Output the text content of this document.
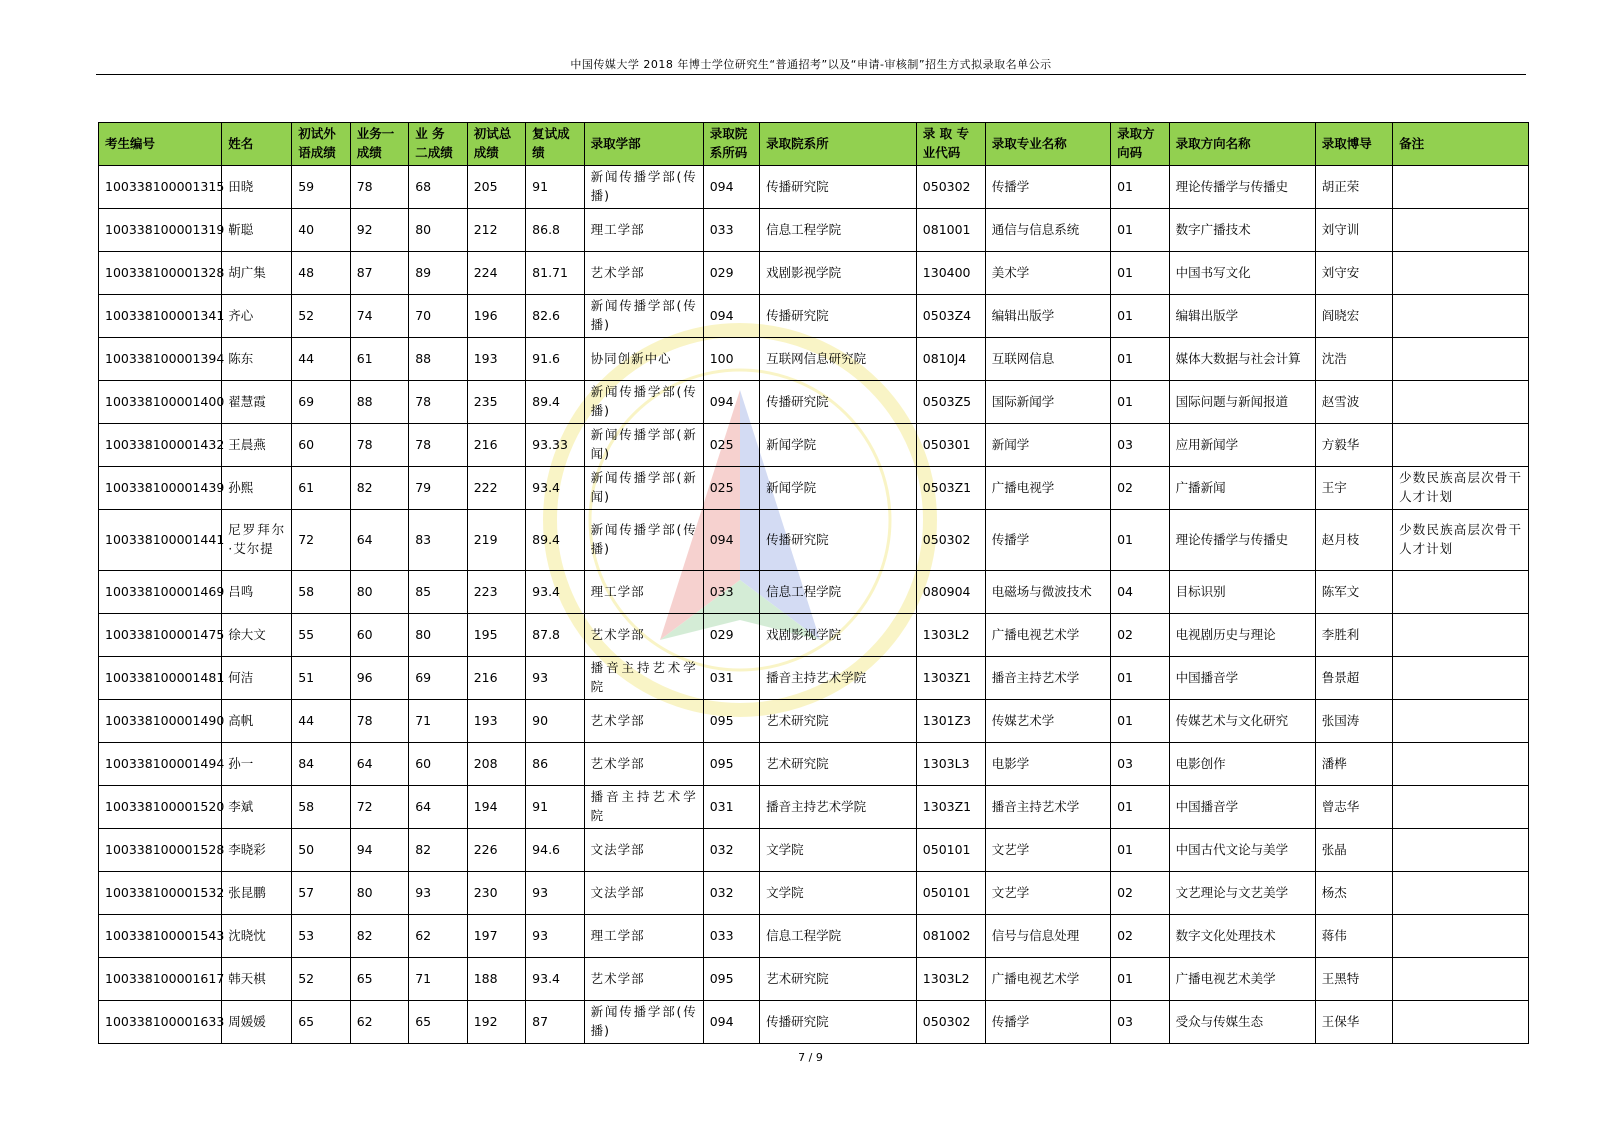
中国传媒大学 2018 年博士学位研究生“普通招考”以及“申请-审核制”招生方式拟录取名单公示
考生编号	姓名	初试外语成绩	业务一成绩	业 务 二成绩	初试总成绩	复试成绩	录取学部	录取院系所码	录取院系所	录 取 专业代码	录取专业名称	录取方向码	录取方向名称	录取博导	备注
100338100001315	田晓	59	78	68	205	91	新闻传播学部(传播)	094	传播研究院	050302	传播学	01	理论传播学与传播史	胡正荣	
100338100001319	靳聪	40	92	80	212	86.8	理工学部	033	信息工程学院	081001	通信与信息系统	01	数字广播技术	刘守训	
100338100001328	胡广集	48	87	89	224	81.71	艺术学部	029	戏剧影视学院	130400	美术学	01	中国书写文化	刘守安	
100338100001341	齐心	52	74	70	196	82.6	新闻传播学部(传播)	094	传播研究院	0503Z4	编辑出版学	01	编辑出版学	阎晓宏	
100338100001394	陈东	44	61	88	193	91.6	协同创新中心	100	互联网信息研究院	0810J4	互联网信息	01	媒体大数据与社会计算	沈浩	
100338100001400	翟慧霞	69	88	78	235	89.4	新闻传播学部(传播)	094	传播研究院	0503Z5	国际新闻学	01	国际问题与新闻报道	赵雪波	
100338100001432	王晨燕	60	78	78	216	93.33	新闻传播学部(新闻)	025	新闻学院	050301	新闻学	03	应用新闻学	方毅华	
100338100001439	孙熙	61	82	79	222	93.4	新闻传播学部(新闻)	025	新闻学院	0503Z1	广播电视学	02	广播新闻	王宇	少数民族高层次骨干人才计划
100338100001441	尼罗拜尔·艾尔提	72	64	83	219	89.4	新闻传播学部(传播)	094	传播研究院	050302	传播学	01	理论传播学与传播史	赵月枝	少数民族高层次骨干人才计划
100338100001469	吕鸣	58	80	85	223	93.4	理工学部	033	信息工程学院	080904	电磁场与微波技术	04	目标识别	陈军文	
100338100001475	徐大文	55	60	80	195	87.8	艺术学部	029	戏剧影视学院	1303L2	广播电视艺术学	02	电视剧历史与理论	李胜利	
100338100001481	何洁	51	96	69	216	93	播音主持艺术学院	031	播音主持艺术学院	1303Z1	播音主持艺术学	01	中国播音学	鲁景超	
100338100001490	高帆	44	78	71	193	90	艺术学部	095	艺术研究院	1301Z3	传媒艺术学	01	传媒艺术与文化研究	张国涛	
100338100001494	孙一	84	64	60	208	86	艺术学部	095	艺术研究院	1303L3	电影学	03	电影创作	潘桦	
100338100001520	李斌	58	72	64	194	91	播音主持艺术学院	031	播音主持艺术学院	1303Z1	播音主持艺术学	01	中国播音学	曾志华	
100338100001528	李晓彩	50	94	82	226	94.6	文法学部	032	文学院	050101	文艺学	01	中国古代文论与美学	张晶	
100338100001532	张昆鹏	57	80	93	230	93	文法学部	032	文学院	050101	文艺学	02	文艺理论与文艺美学	杨杰	
100338100001543	沈晓忱	53	82	62	197	93	理工学部	033	信息工程学院	081002	信号与信息处理	02	数字文化处理技术	蒋伟	
100338100001617	韩天棋	52	65	71	188	93.4	艺术学部	095	艺术研究院	1303L2	广播电视艺术学	01	广播电视艺术美学	王黑特	
100338100001633	周媛媛	65	62	65	192	87	新闻传播学部(传播)	094	传播研究院	050302	传播学	03	受众与传媒生态	王保华	
7 / 9
